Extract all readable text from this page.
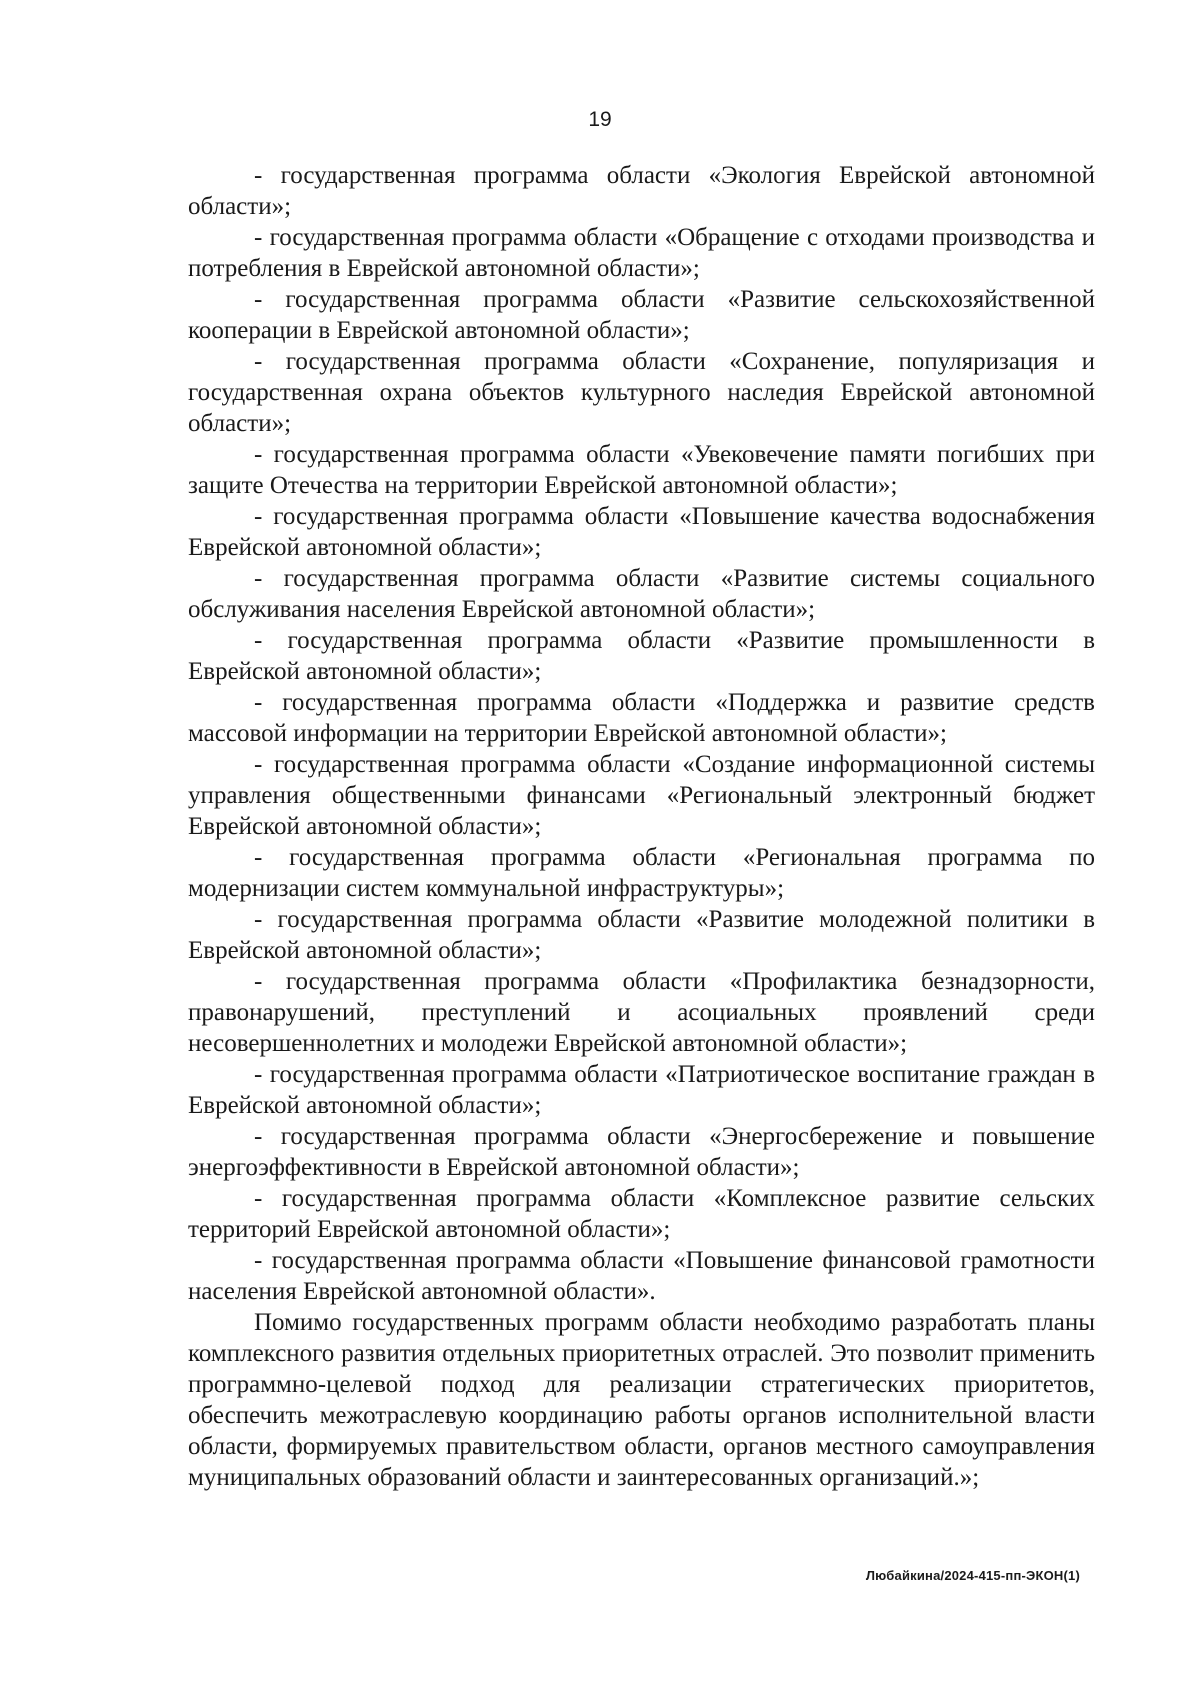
19

- государственная программа области «Экология Еврейской автономной области»;

- государственная программа области «Обращение с отходами производства и потребления в Еврейской автономной области»;

- государственная программа области «Развитие сельскохозяйственной кооперации в Еврейской автономной области»;

- государственная программа области «Сохранение, популяризация и государственная охрана объектов культурного наследия Еврейской автономной области»;

- государственная программа области «Увековечение памяти погибших при защите Отечества на территории Еврейской автономной области»;

- государственная программа области «Повышение качества водоснабжения Еврейской автономной области»;

- государственная программа области «Развитие системы социального обслуживания населения Еврейской автономной области»;

- государственная программа области «Развитие промышленности в Еврейской автономной области»;

- государственная программа области «Поддержка и развитие средств массовой информации на территории Еврейской автономной области»;

- государственная программа области «Создание информационной системы управления общественными финансами «Региональный электронный бюджет Еврейской автономной области»;

- государственная программа области «Региональная программа по модернизации систем коммунальной инфраструктуры»;

- государственная программа области «Развитие молодежной политики в Еврейской автономной области»;

- государственная программа области «Профилактика безнадзорности, правонарушений, преступлений и асоциальных проявлений среди несовершеннолетних и молодежи Еврейской автономной области»;

- государственная программа области «Патриотическое воспитание граждан в Еврейской автономной области»;

- государственная программа области «Энергосбережение и повышение энергоэффективности в Еврейской автономной области»;

- государственная программа области «Комплексное развитие сельских территорий Еврейской автономной области»;

- государственная программа области «Повышение финансовой грамотности населения Еврейской автономной области».

Помимо государственных программ области необходимо разработать планы комплексного развития отдельных приоритетных отраслей. Это позволит применить программно-целевой подход для реализации стратегических приоритетов, обеспечить межотраслевую координацию работы органов исполнительной власти области, формируемых правительством области, органов местного самоуправления муниципальных образований области и заинтересованных организаций.»;

Любайкина/2024-415-пп-ЭКОН(1)
